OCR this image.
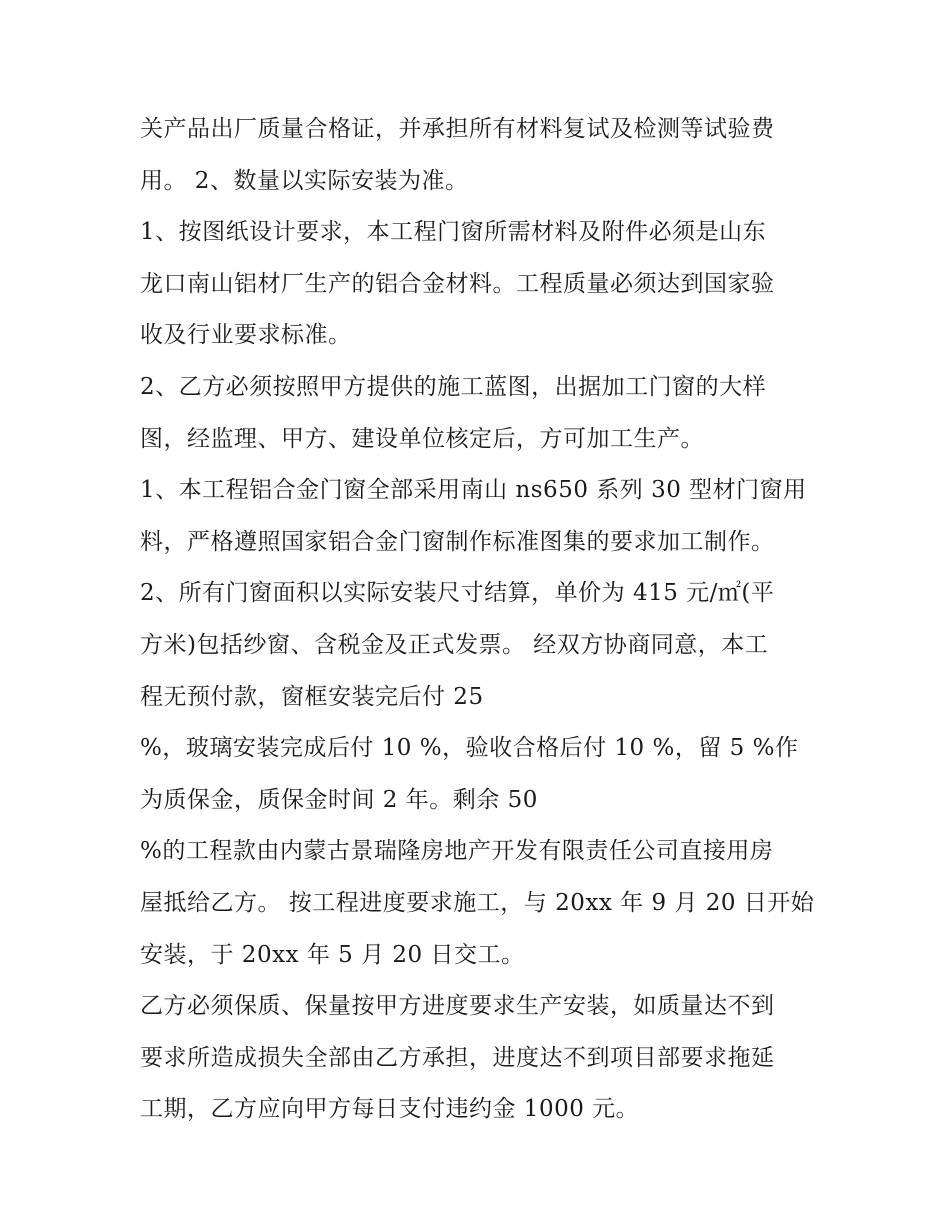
关产品出厂质量合格证，并承担所有材料复试及检测等试验费
用。 2、数量以实际安装为准。
1、按图纸设计要求，本工程门窗所需材料及附件必须是山东
龙口南山铝材厂生产的铝合金材料。工程质量必须达到国家验
收及行业要求标准。
2、乙方必须按照甲方提供的施工蓝图，出据加工门窗的大样
图，经监理、甲方、建设单位核定后，方可加工生产。
1、本工程铝合金门窗全部采用南山 ns650 系列 30 型材门窗用
料，严格遵照国家铝合金门窗制作标准图集的要求加工制作。
2、所有门窗面积以实际安装尺寸结算，单价为 415 元/㎡(平
方米)包括纱窗、含税金及正式发票。 经双方协商同意，本工
程无预付款，窗框安装完后付 25
%，玻璃安装完成后付 10 %，验收合格后付 10 %，留 5 %作
为质保金，质保金时间 2 年。剩余 50
%的工程款由内蒙古景瑞隆房地产开发有限责任公司直接用房
屋抵给乙方。 按工程进度要求施工，与 20xx 年 9 月 20 日开始
安装，于 20xx 年 5 月 20 日交工。
乙方必须保质、保量按甲方进度要求生产安装，如质量达不到
要求所造成损失全部由乙方承担，进度达不到项目部要求拖延
工期，乙方应向甲方每日支付违约金 1000 元。
